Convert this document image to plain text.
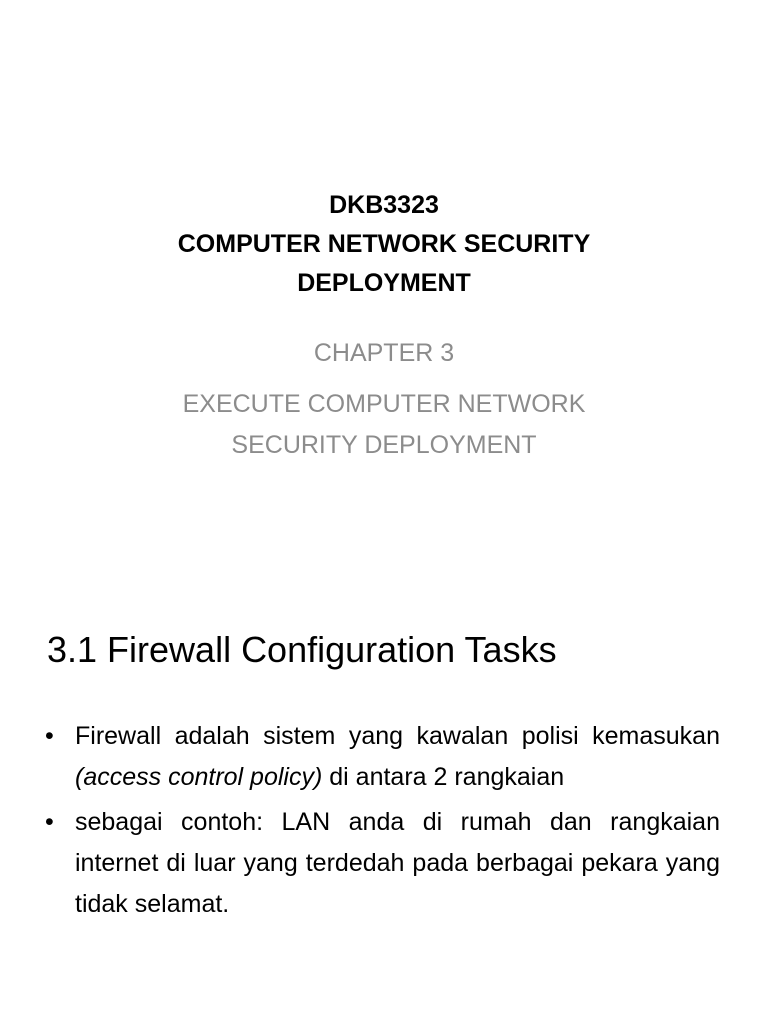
DKB3323
COMPUTER NETWORK SECURITY
DEPLOYMENT
CHAPTER 3
EXECUTE COMPUTER NETWORK
SECURITY DEPLOYMENT
3.1 Firewall Configuration Tasks
• Firewall adalah sistem yang kawalan polisi kemasukan (access control policy) di antara 2 rangkaian
• sebagai contoh: LAN anda di rumah dan rangkaian internet di luar yang terdedah pada berbagai pekara yang tidak selamat.
